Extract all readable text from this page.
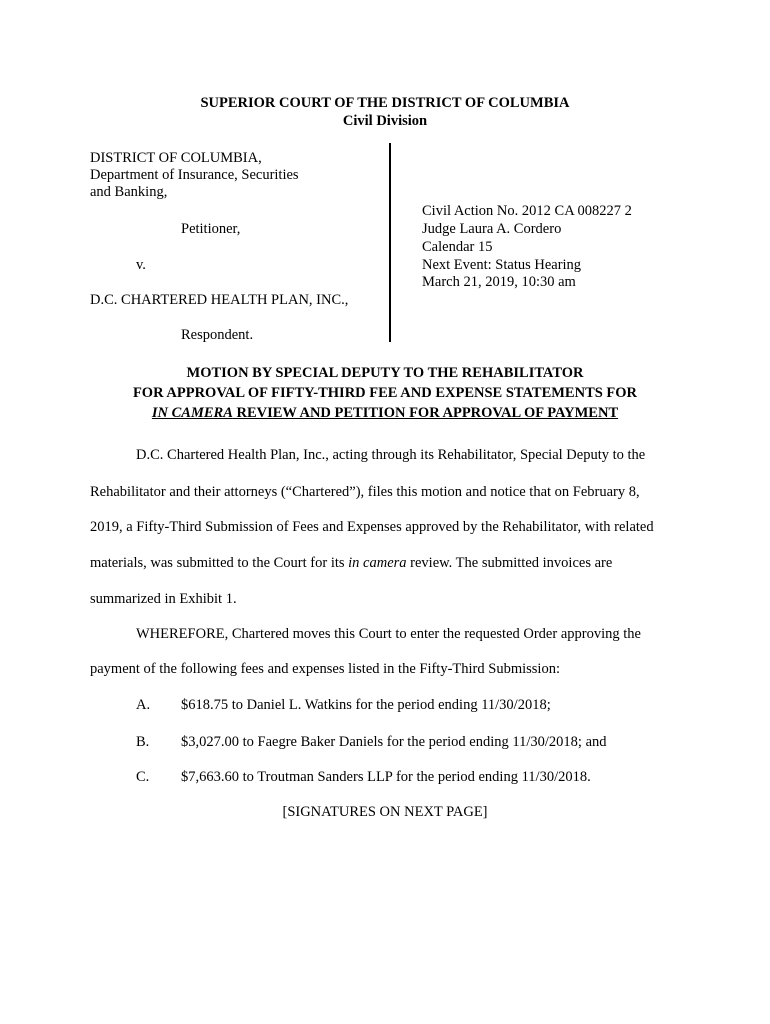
SUPERIOR COURT OF THE DISTRICT OF COLUMBIA
Civil Division
DISTRICT OF COLUMBIA,
Department of Insurance, Securities
and Banking,
Petitioner,
v.
D.C. CHARTERED HEALTH PLAN, INC.,
Respondent.
Civil Action No. 2012 CA 008227 2
Judge Laura A. Cordero
Calendar 15
Next Event: Status Hearing
March 21, 2019, 10:30 am
MOTION BY SPECIAL DEPUTY TO THE REHABILITATOR
FOR APPROVAL OF FIFTY-THIRD FEE AND EXPENSE STATEMENTS FOR
IN CAMERA REVIEW AND PETITION FOR APPROVAL OF PAYMENT
D.C. Chartered Health Plan, Inc., acting through its Rehabilitator, Special Deputy to the
Rehabilitator and their attorneys (“Chartered”), files this motion and notice that on February 8,
2019, a Fifty-Third Submission of Fees and Expenses approved by the Rehabilitator, with related
materials, was submitted to the Court for its in camera review. The submitted invoices are
summarized in Exhibit 1.
WHEREFORE, Chartered moves this Court to enter the requested Order approving the
payment of the following fees and expenses listed in the Fifty-Third Submission:
A. $618.75 to Daniel L. Watkins for the period ending 11/30/2018;
B. $3,027.00 to Faegre Baker Daniels for the period ending 11/30/2018; and
C. $7,663.60 to Troutman Sanders LLP for the period ending 11/30/2018.
[SIGNATURES ON NEXT PAGE]
